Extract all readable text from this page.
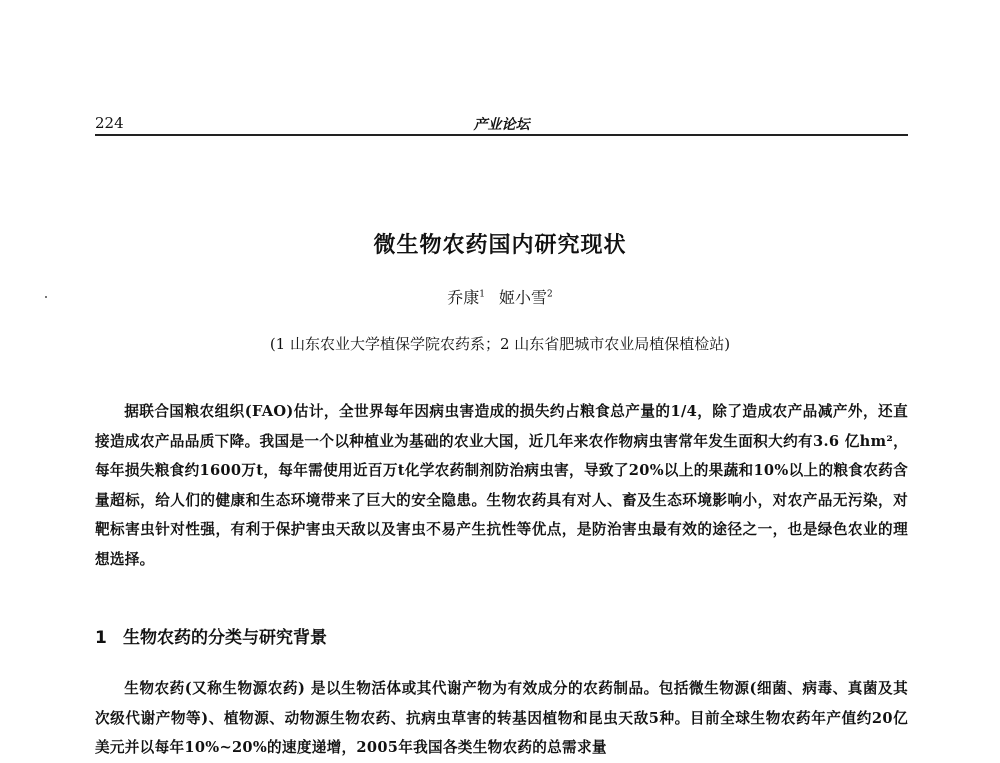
224	产业论坛
微生物农药国内研究现状
乔康$^1$ 姬小雪$^2$
(1 山东农业大学植保学院农药系；2 山东省肥城市农业局植保植检站)

据联合国粮农组织(FAO)估计，全世界每年因病虫害造成的损失约占粮食总产量的1/4，除了造成农产品减产外，还直接造成农产品品质下降。我国是一个以种植业为基础的农业大国，近几年来农作物病虫害常年发生面积大约有3.6 亿hm²，每年损失粮食约1600万t，每年需使用近百万t化学农药制剂防治病虫害，导致了20%以上的果蔬和10%以上的粮食农药含量超标，给人们的健康和生态环境带来了巨大的安全隐患。生物农药具有对人、畜及生态环境影响小，对农产品无污染，对靶标害虫针对性强，有利于保护害虫天敌以及害虫不易产生抗性等优点，是防治害虫最有效的途径之一，也是绿色农业的理想选择。

1 生物农药的分类与研究背景

生物农药(又称生物源农药) 是以生物活体或其代谢产物为有效成分的农药制品。包括微生物源(细菌、病毒、真菌及其次级代谢产物等)、植物源、动物源生物农药、抗病虫草害的转基因植物和昆虫天敌5种。目前全球生物农药年产值约20亿美元并以每年10%~20%的速度递增，2005年我国各类生物农药的总需求量
